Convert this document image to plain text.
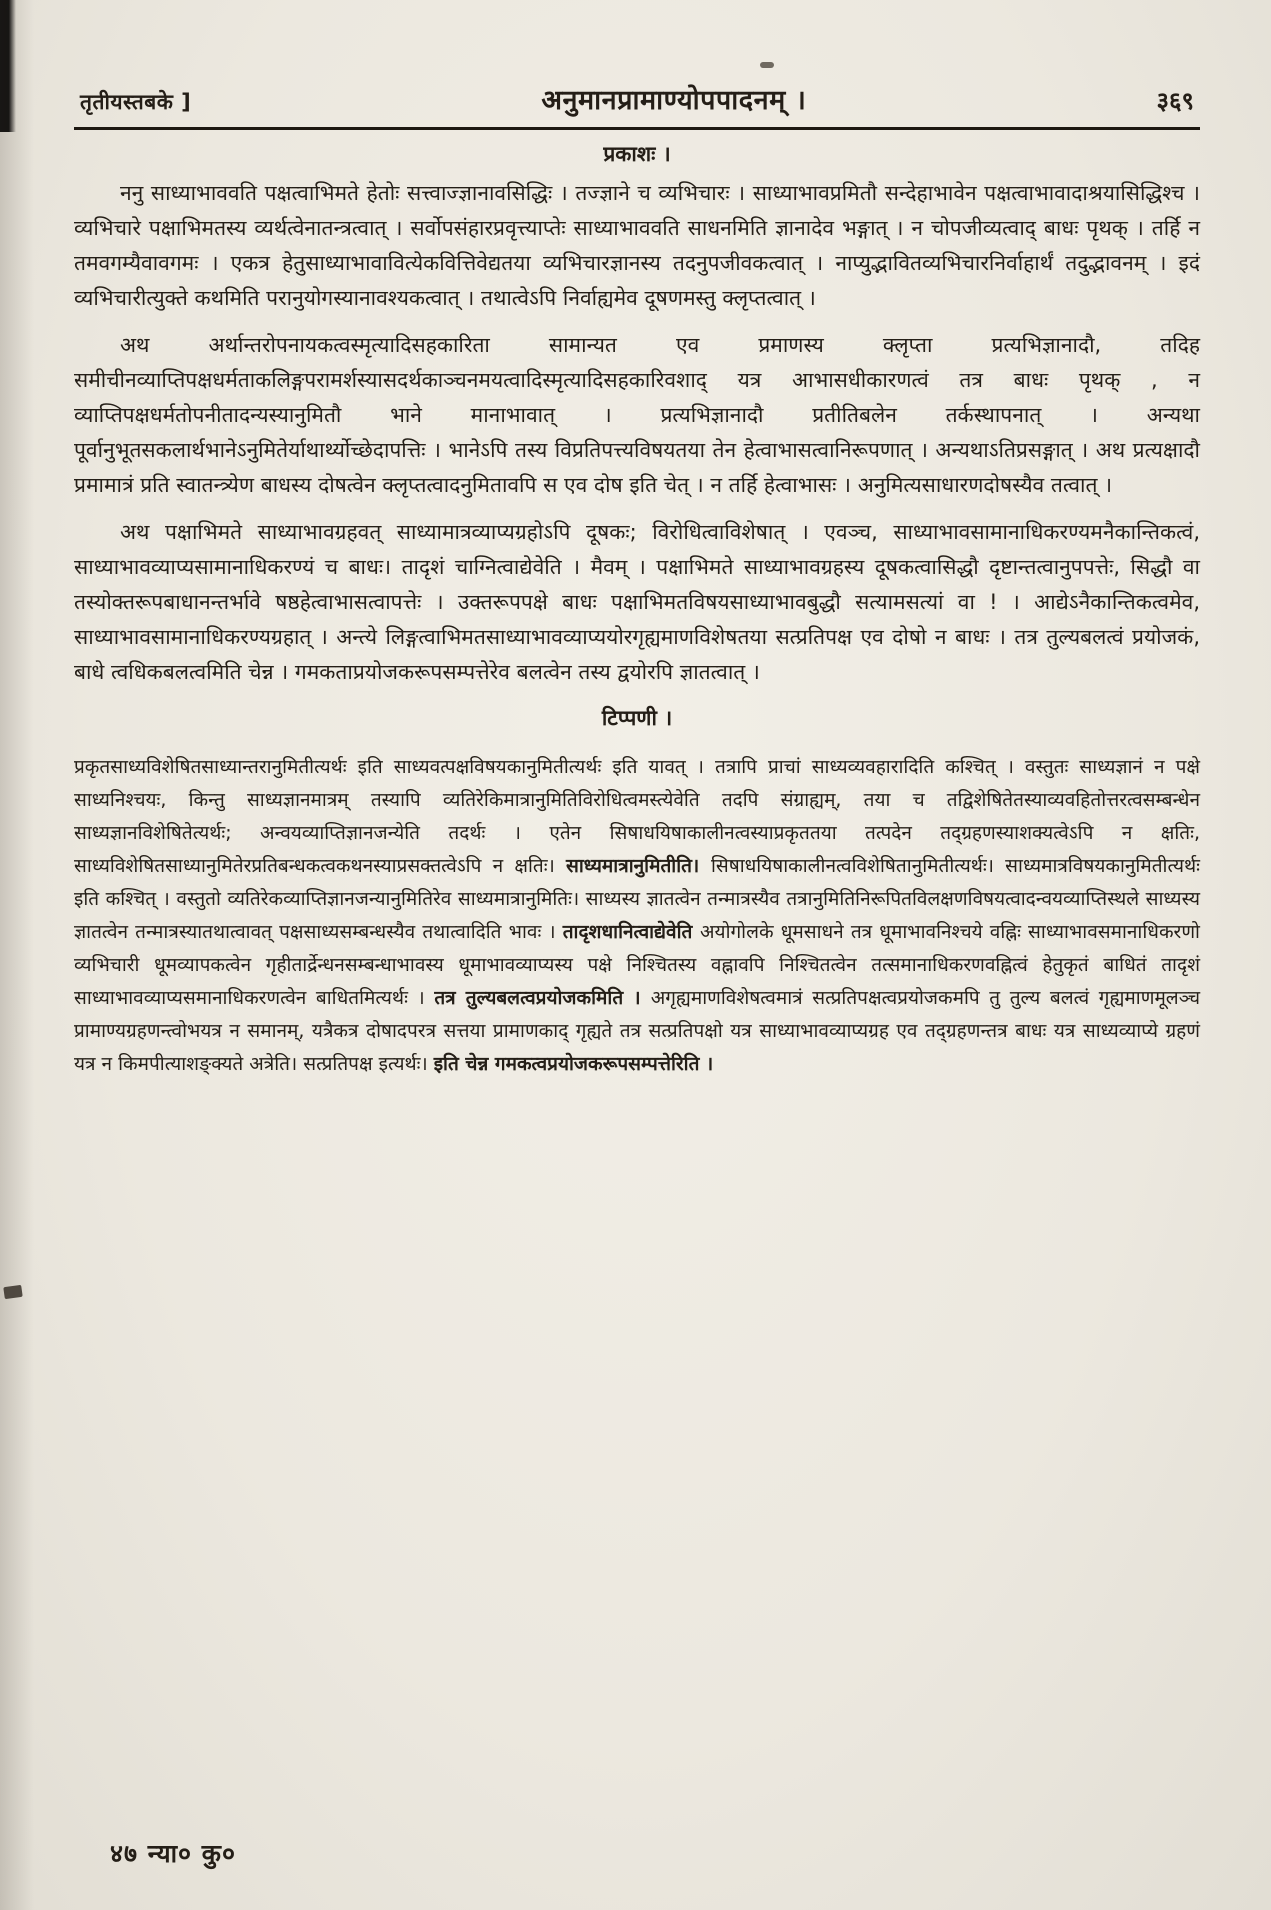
तृतीयस्तबके ]	अनुमानप्रामाण्योपपादनम् ।	३६९
प्रकाशः ।

ननु साध्याभाववति पक्षत्वाभिमते हेतोः सत्त्वाज्ज्ञानावसिद्धिः । तज्ज्ञाने च व्यभिचारः । साध्याभावप्रमितौ सन्देहाभावेन पक्षत्वाभावादाश्रयासिद्धिश्च । व्यभिचारे पक्षाभिमतस्य व्यर्थत्वेनातन्त्रत्वात् । सर्वोपसंहारप्रवृत्त्याप्तेः साध्याभाववति साधनमिति ज्ञानादेव भङ्गात् । न चोपजीव्यत्वाद् बाधः पृथक् । तर्हि न तमवगम्यैवावगमः । एकत्र हेतुसाध्याभावावित्येकवित्तिवेद्यतया व्यभिचारज्ञानस्य तदनुपजीवकत्वात् । नाप्युद्भावितव्यभिचारनिर्वाहार्थं तदुद्भावनम् । इदं व्यभिचारीत्युक्ते कथमिति परानुयोगस्यानावश्यकत्वात् । तथात्वेऽपि निर्वाह्यमेव दूषणमस्तु क्लृप्तत्वात् ।

अथ अर्थान्तरोपनायकत्वस्मृत्यादिसहकारिता सामान्यत एव प्रमाणस्य क्लृप्ता प्रत्यभिज्ञानादौ, तदिह समीचीनव्याप्तिपक्षधर्मताकलिङ्गपरामर्शस्यासदर्थकाञ्चनमयत्वादिस्मृत्यादिसहकारिवशाद् यत्र आभासधीकारणत्वं तत्र बाधः पृथक् , न व्याप्तिपक्षधर्मतोपनीतादन्यस्यानुमितौ भाने मानाभावात् । प्रत्यभिज्ञानादौ प्रतीतिबलेन तर्कस्थापनात् । अन्यथा पूर्वानुभूतसकलार्थभानेऽनुमितेर्याथार्थ्योच्छेदापत्तिः । भानेऽपि तस्य विप्रतिपत्त्यविषयतया तेन हेत्वाभासत्वानिरूपणात् । अन्यथाऽतिप्रसङ्गात् । अथ प्रत्यक्षादौ प्रमामात्रं प्रति स्वातन्त्र्येण बाधस्य दोषत्वेन क्लृप्तत्वादनुमितावपि स एव दोष इति चेत् । न तर्हि हेत्वाभासः । अनुमित्यसाधारणदोषस्यैव तत्वात् ।

अथ पक्षाभिमते साध्याभावग्रहवत् साध्यामात्रव्याप्यग्रहोऽपि दूषकः; विरोधित्वाविशेषात् । एवञ्च, साध्याभावसामानाधिकरण्यमनैकान्तिकत्वं, साध्याभावव्याप्यसामानाधिकरण्यं च बाधः। तादृशं चाग्नित्वाद्येवेति । मैवम् । पक्षाभिमते साध्याभावग्रहस्य दूषकत्वासिद्धौ दृष्टान्तत्वानुपपत्तेः, सिद्धौ वा तस्योक्तरूपबाधानन्तर्भावे षष्ठहेत्वाभासत्वापत्तेः । उक्तरूपपक्षे बाधः पक्षाभिमतविषयसाध्याभावबुद्धौ सत्यामसत्यां वा ! । आद्येऽनैकान्तिकत्वमेव, साध्याभावसामानाधिकरण्यग्रहात् । अन्त्ये लिङ्गत्वाभिमतसाध्याभावव्याप्ययोरगृह्यमाणविशेषतया सत्प्रतिपक्ष एव दोषो न बाधः । तत्र तुल्यबलत्वं प्रयोजकं, बाधे त्वधिकबलत्वमिति चेन्न । गमकताप्रयोजकरूपसम्पत्तेरेव बलत्वेन तस्य द्वयोरपि ज्ञातत्वात् ।

टिप्पणी ।

प्रकृतसाध्यविशेषितसाध्यान्तरानुमितीत्यर्थः इति साध्यवत्पक्षविषयकानुमितीत्यर्थः इति यावत् । तत्रापि प्राचां साध्यव्यवहारादिति कश्चित् । वस्तुतः साध्यज्ञानं न पक्षे साध्यनिश्चयः, किन्तु साध्यज्ञानमात्रम् तस्यापि व्यतिरेकिमात्रानुमितिविरोधित्वमस्त्येवेति तदपि संग्राह्यम्, तया च तद्विशेषितेतस्याव्यवहितोत्तरत्वसम्बन्धेन साध्यज्ञानविशेषितेत्यर्थः; अन्वयव्याप्तिज्ञानजन्येति तदर्थः । एतेन सिषाधयिषाकालीनत्वस्याप्रकृततया तत्पदेन तद्ग्रहणस्याशक्यत्वेऽपि न क्षतिः, साध्यविशेषितसाध्यानुमितेरप्रतिबन्धकत्वकथनस्याप्रसक्तत्वेऽपि न क्षतिः। साध्यमात्रानुमितीति। सिषाधयिषाकालीनत्वविशेषितानुमितीत्यर्थः। साध्यमात्रविषयकानुमितीत्यर्थः इति कश्चित् । वस्तुतो व्यतिरेकव्याप्तिज्ञानजन्यानुमितिरेव साध्यमात्रानुमितिः। साध्यस्य ज्ञातत्वेन तन्मात्रस्यैव तत्रानुमितिनिरूपितविलक्षणविषयत्वादन्वयव्याप्तिस्थले साध्यस्य ज्ञातत्वेन तन्मात्रस्यातथात्वावत् पक्षसाध्यसम्बन्धस्यैव तथात्वादिति भावः । तादृशधानित्वाद्येवेति अयोगोलके धूमसाधने तत्र धूमाभावनिश्चये वह्निः साध्याभावसमानाधिकरणो व्यभिचारी धूमव्यापकत्वेन गृहीतार्द्रेन्धनसम्बन्धाभावस्य धूमाभावव्याप्यस्य पक्षे निश्चितस्य वह्नावपि निश्चितत्वेन तत्समानाधिकरणवह्नित्वं हेतुकृतं बाधितं तादृशं साध्याभावव्याप्यसमानाधिकरणत्वेन बाधितमित्यर्थः । तत्र तुल्यबलत्वप्रयोजकमिति । अगृह्यमाणविशेषत्वमात्रं सत्प्रतिपक्षत्वप्रयोजकमपि तु तुल्य बलत्वं गृह्यमाणमूलञ्च प्रामाण्यग्रहणन्त्वोभयत्र न समानम्, यत्रैकत्र दोषादपरत्र सत्तया प्रामाणकाद् गृह्यते तत्र सत्प्रतिपक्षो यत्र साध्याभावव्याप्यग्रह एव तद्ग्रहणन्तत्र बाधः यत्र साध्यव्याप्ये ग्रहणं यत्र न किमपीत्याशङ्क्यते अत्रेति। सत्प्रतिपक्ष इत्यर्थः। इति चेन्न गमकत्वप्रयोजकरूपसम्पत्तेरिति ।

४७ न्या० कु०
